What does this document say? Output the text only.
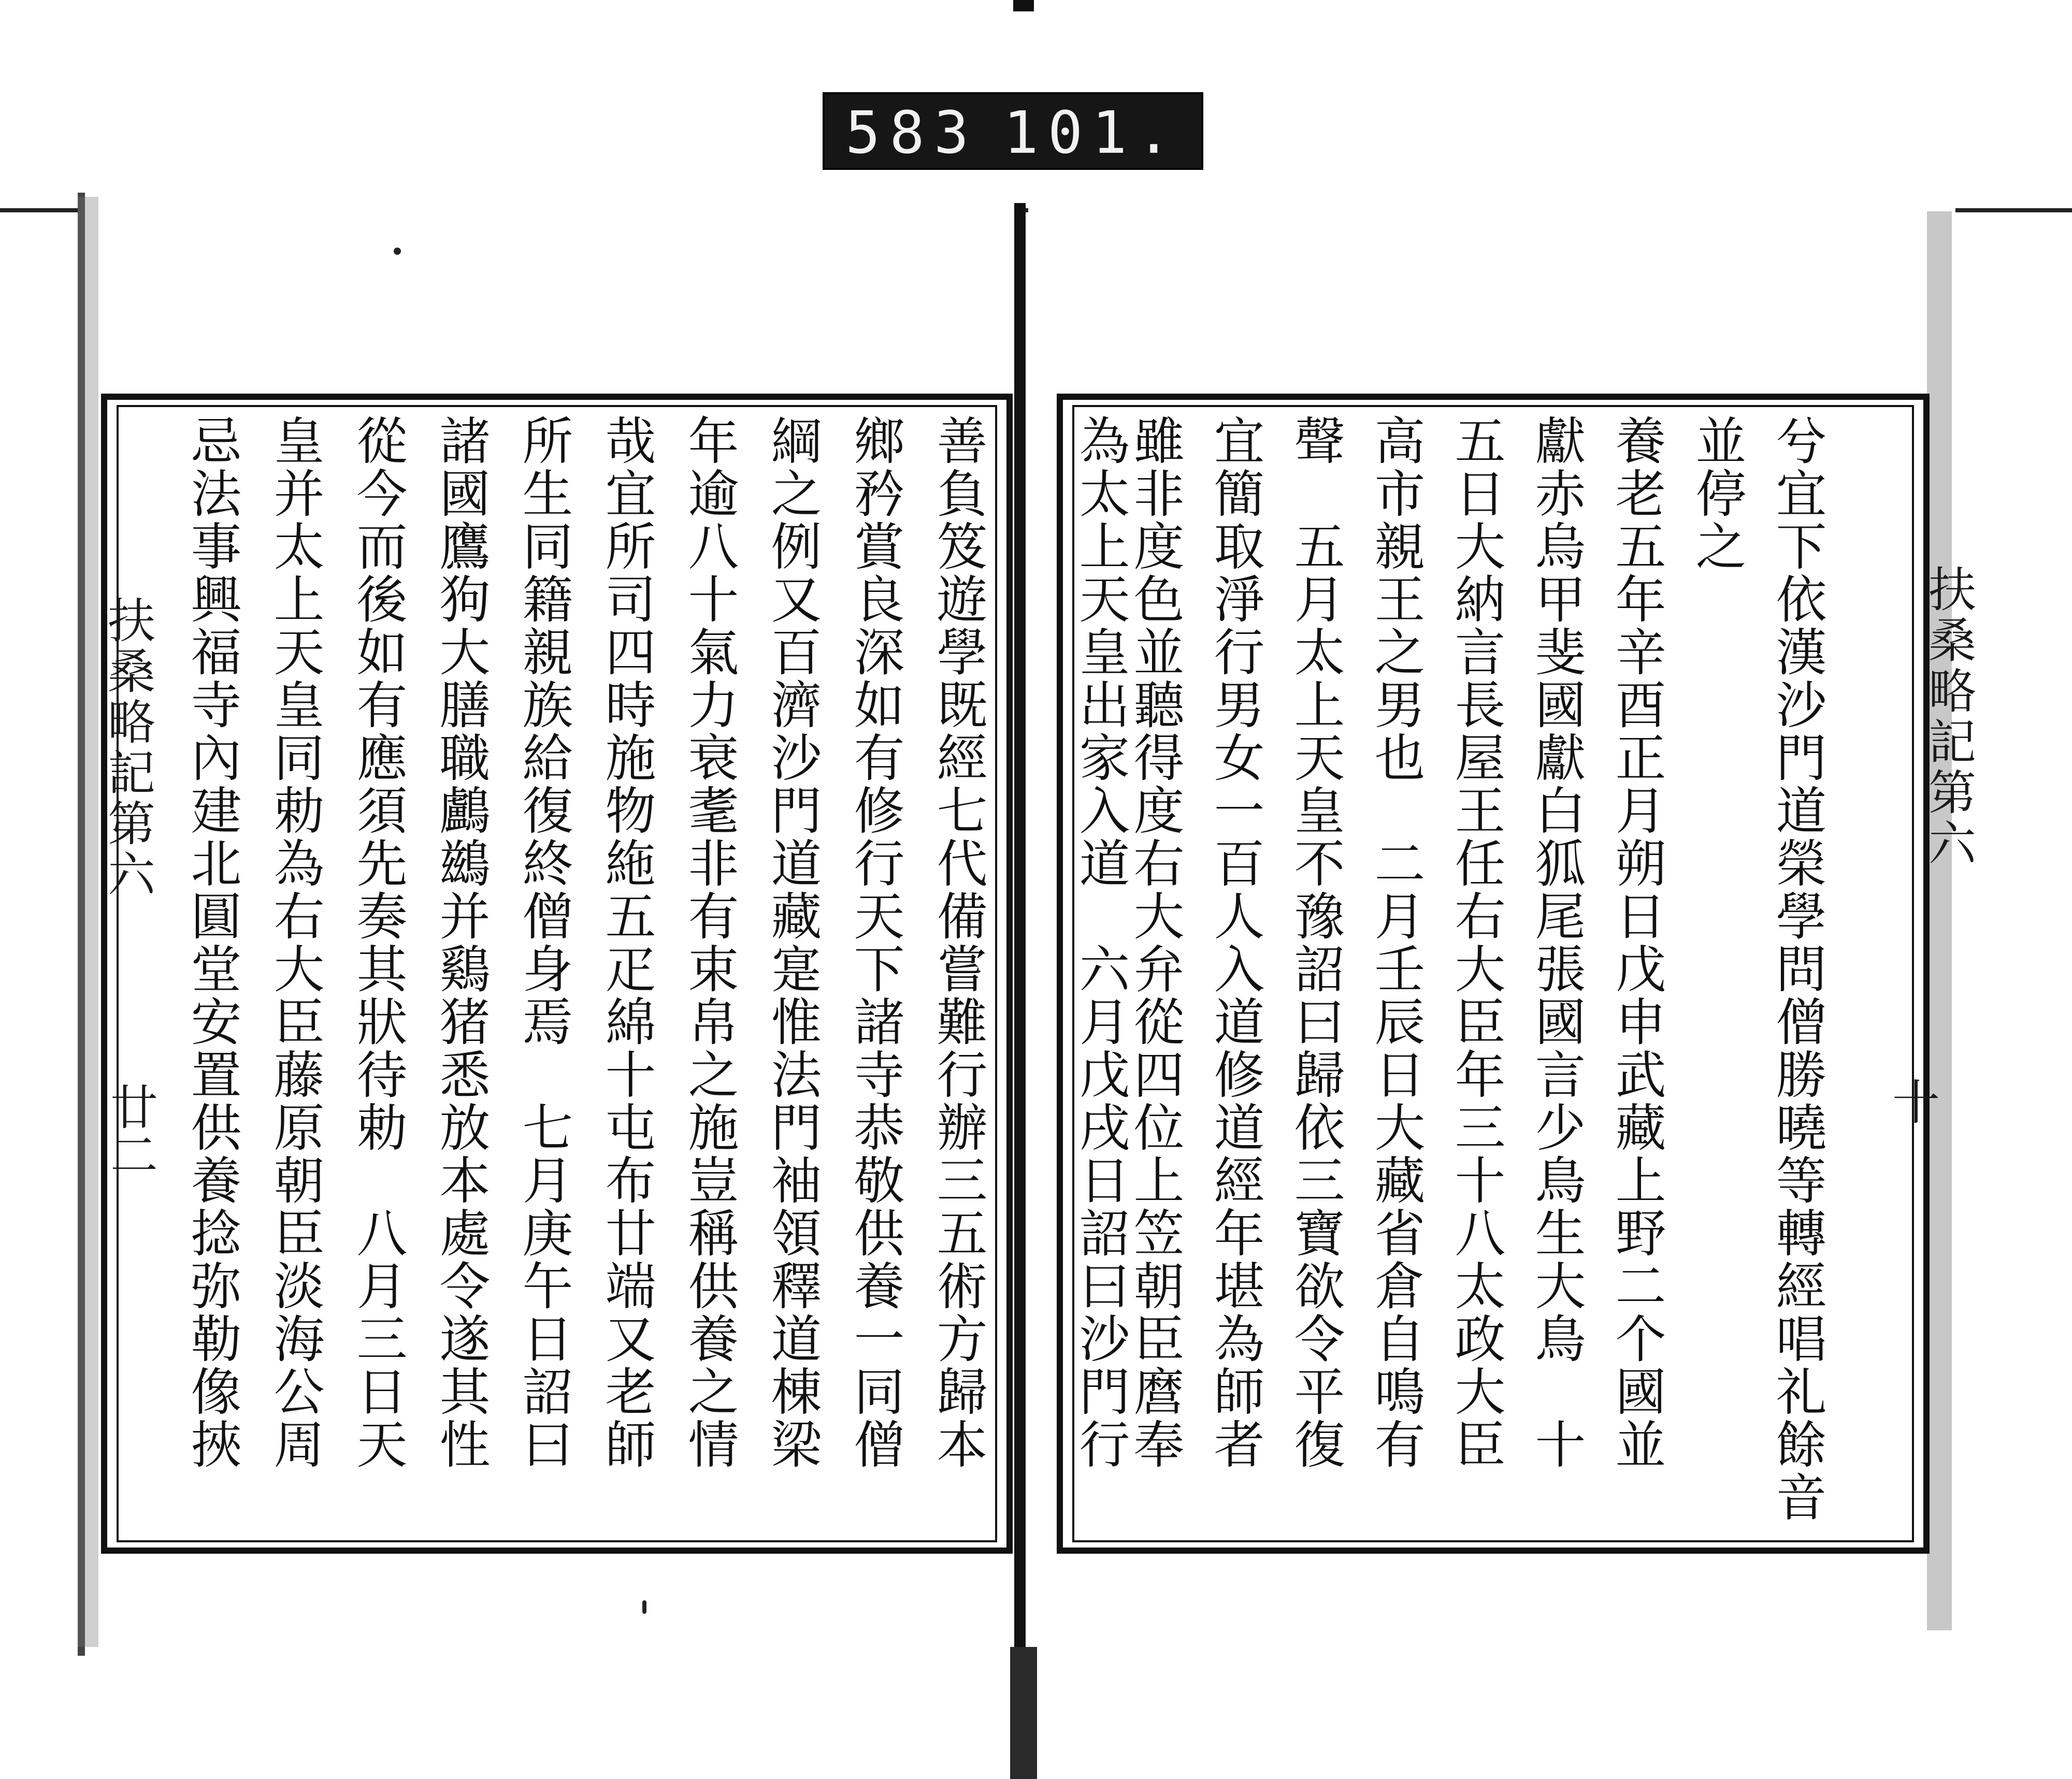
583 101.
扶桑略記第六
十
扶桑略記第六
廿二	兮宜下依漢沙門道榮學問僧勝曉等轉經唱礼餘音
並停之
養老五年辛酉正月朔日戊申武藏上野二个國並
獻赤烏甲斐國獻白狐尾張國言少鳥生大鳥　十
五日大納言長屋王任右大臣年三十八太政大臣
高市親王之男也　二月壬辰日大藏省倉自鳴有
聲　五月太上天皇不豫詔曰歸依三寶欲令平復
宜簡取淨行男女一百人入道修道經年堪為師者
雖非度色並聽得度右大弁從四位上笠朝臣麿奉
為太上天皇出家入道　六月戊戌日詔曰沙門行
善負笈遊學既經七代備嘗難行辦三五術方歸本
鄉矜賞良深如有修行天下諸寺恭敬供養一同僧
綱之例又百濟沙門道藏寔惟法門袖領釋道棟梁
年逾八十氣力衰耄非有束帛之施豈稱供養之情
哉宜所司四時施物絁五疋綿十屯布廿端又老師
所生同籍親族給復終僧身焉　七月庚午日詔曰
諸國鷹狗大膳職鸕鷀并鷄猪悉放本處令遂其性
從今而後如有應須先奏其狀待勅　八月三日天
皇并太上天皇同勅為右大臣藤原朝臣淡海公周
忌法事興福寺內建北圓堂安置供養捻弥勒像挾
